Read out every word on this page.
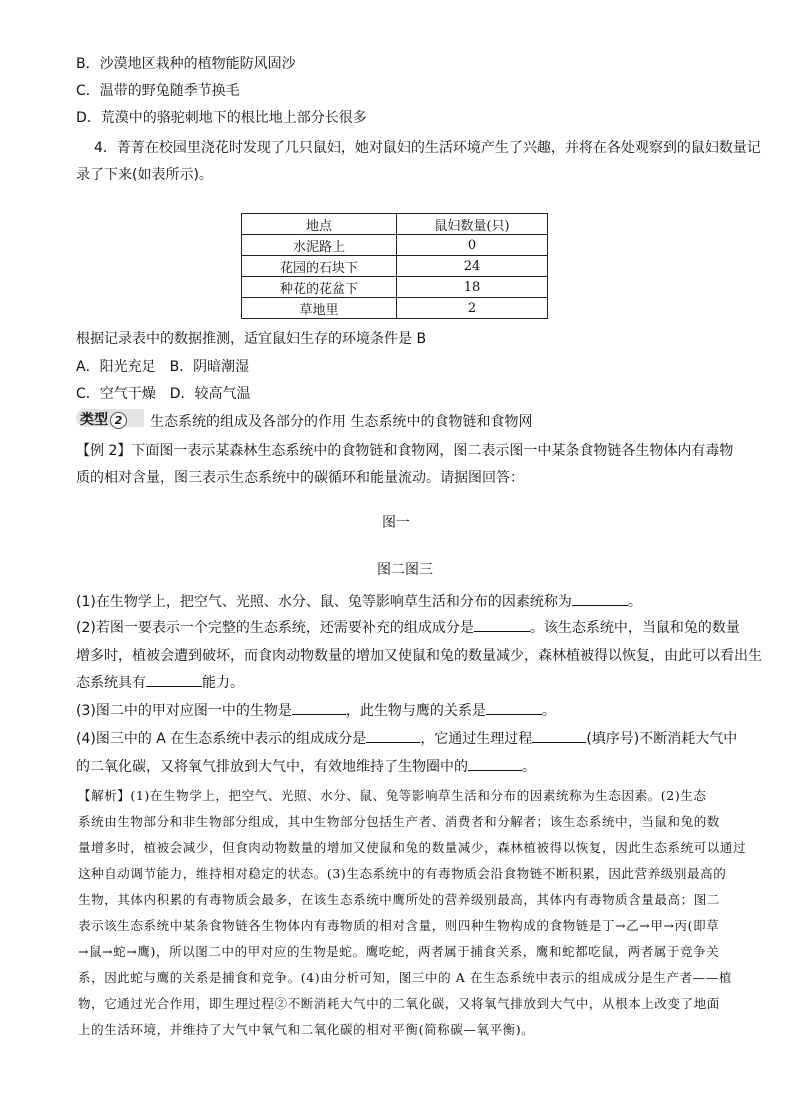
B．沙漠地区栽种的植物能防风固沙
C．温带的野兔随季节换毛
D．荒漠中的骆驼刺地下的根比地上部分长很多
4．菁菁在校园里浇花时发现了几只鼠妇，她对鼠妇的生活环境产生了兴趣，并将在各处观察到的鼠妇数量记
录了下来(如表所示)。
地点	鼠妇数量(只)
水泥路上	0
花园的石块下	24
种花的花盆下	18
草地里	2
根据记录表中的数据推测，适宜鼠妇生存的环境条件是 B
A．阳光充足　B．阴暗潮湿
C．空气干燥　D．较高气温
类型 2	生态系统的组成及各部分的作用 生态系统中的食物链和食物网
【例 2】下面图一表示某森林生态系统中的食物链和食物网，图二表示图一中某条食物链各生物体内有毒物
质的相对含量，图三表示生态系统中的碳循环和能量流动。请据图回答：
图一
图二图三
(1)在生物学上，把空气、光照、水分、鼠、兔等影响草生活和分布的因素统称为	。
(2)若图一要表示一个完整的生态系统，还需要补充的组成成分是	。该生态系统中，当鼠和兔的数量
增多时，植被会遭到破坏，而食肉动物数量的增加又使鼠和兔的数量减少，森林植被得以恢复，由此可以看出生
态系统具有	能力。
(3)图二中的甲对应图一中的生物是	，此生物与鹰的关系是	。
(4)图三中的 A 在生态系统中表示的组成成分是	，它通过生理过程	(填序号)不断消耗大气中
的二氧化碳，又将氧气排放到大气中，有效地维持了生物圈中的	。
【解析】(1)在生物学上，把空气、光照、水分、鼠、兔等影响草生活和分布的因素统称为生态因素。(2)生态
系统由生物部分和非生物部分组成，其中生物部分包括生产者、消费者和分解者；该生态系统中，当鼠和兔的数
量增多时，植被会减少，但食肉动物数量的增加又使鼠和兔的数量减少，森林植被得以恢复，因此生态系统可以通过
这种自动调节能力，维持相对稳定的状态。(3)生态系统中的有毒物质会沿食物链不断积累，因此营养级别最高的
生物，其体内积累的有毒物质会最多，在该生态系统中鹰所处的营养级别最高，其体内有毒物质含量最高；图二
表示该生态系统中某条食物链各生物体内有毒物质的相对含量，则四种生物构成的食物链是丁→乙→甲→丙(即草
→鼠→蛇→鹰)，所以图二中的甲对应的生物是蛇。鹰吃蛇，两者属于捕食关系，鹰和蛇都吃鼠，两者属于竞争关
系，因此蛇与鹰的关系是捕食和竞争。(4)由分析可知，图三中的 A 在生态系统中表示的组成成分是生产者——植
物，它通过光合作用，即生理过程②不断消耗大气中的二氧化碳，又将氧气排放到大气中，从根本上改变了地面
上的生活环境，并维持了大气中氧气和二氧化碳的相对平衡(简称碳—氧平衡)。
